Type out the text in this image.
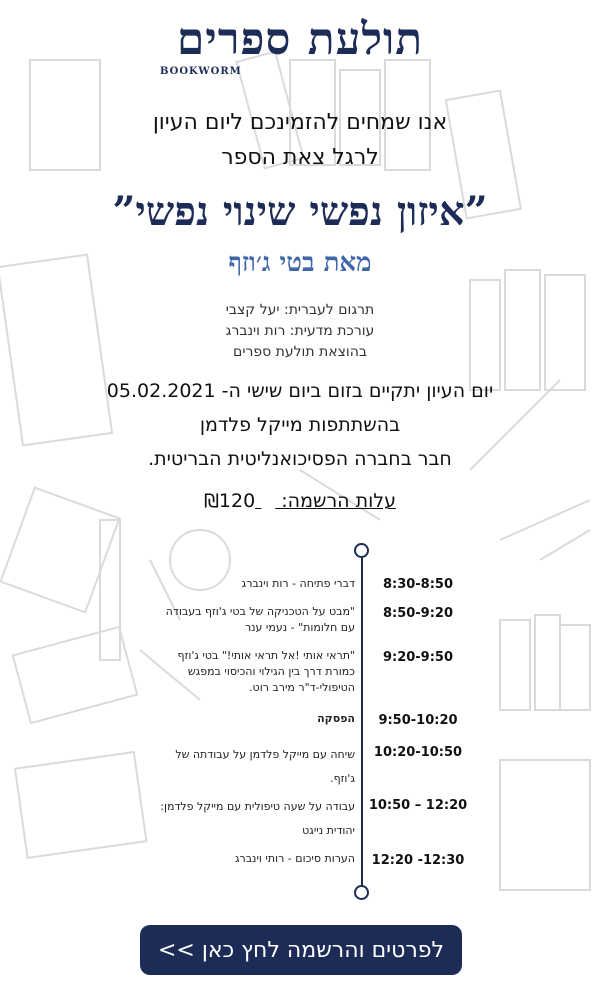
תולעת ספרים
BOOKWORM
אנו שמחים להזמינכם ליום העיון
לרגל צאת הספר
”איזון נפשי שינוי נפשי”
מאת בטי ג׳וזף
תרגום לעברית: יעל קצבי
עורכת מדעית: רות וינברג
בהוצאת תולעת ספרים
יום העיון יתקיים בזום ביום שישי ה- 05.02.2021
בהשתתפות מייקל פלדמן
חבר בחברה הפסיכואנליטית הבריטית.
עלות הרשמה:  ₪120
8:30-8:50
דברי פתיחה - רות וינברג
8:50-9:20
"מבט על הטכניקה של בטי ג'וזף בעבודה עם חלומות" - נעמי ענר
9:20-9:50
"תראי אותי !אל תראי אותי!" בטי ג'וזף כמורת דרך בין הגילוי והכיסוי במפגש הטיפולי-ד"ר מירב רוט.
9:50-10:20
הפסקה
10:20-10:50
שיחה עם מייקל פלדמן על עבודתה של ג'וזף.
10:50 – 12:20
עבודה על שעה טיפולית עם מייקל פלדמן: יהודית נייגט
12:20 -12:30
הערות סיכום - רותי וינברג
לפרטים והרשמה לחץ כאן >>
